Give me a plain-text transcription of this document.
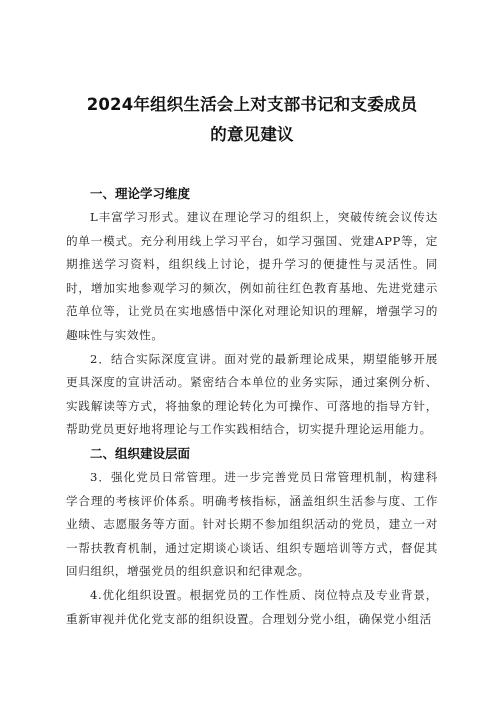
2024年组织生活会上对支部书记和支委成员
的意见建议
一、理论学习维度

L丰富学习形式。建议在理论学习的组织上，突破传统会议传达的单一模式。充分利用线上学习平台，如学习强国、党建APP等，定期推送学习资料，组织线上讨论，提升学习的便捷性与灵活性。同时，增加实地参观学习的频次，例如前往红色教育基地、先进党建示范单位等，让党员在实地感悟中深化对理论知识的理解，增强学习的趣味性与实效性。

2．结合实际深度宣讲。面对党的最新理论成果，期望能够开展更具深度的宣讲活动。紧密结合本单位的业务实际，通过案例分析、实践解读等方式，将抽象的理论转化为可操作、可落地的指导方针，帮助党员更好地将理论与工作实践相结合，切实提升理论运用能力。

二、组织建设层面

3．强化党员日常管理。进一步完善党员日常管理机制，构建科学合理的考核评价体系。明确考核指标，涵盖组织生活参与度、工作业绩、志愿服务等方面。针对长期不参加组织活动的党员，建立一对一帮扶教育机制，通过定期谈心谈话、组织专题培训等方式，督促其回归组织，增强党员的组织意识和纪律观念。

4.优化组织设置。根据党员的工作性质、岗位特点及专业背景，重新审视并优化党支部的组织设置。合理划分党小组，确保党小组活
